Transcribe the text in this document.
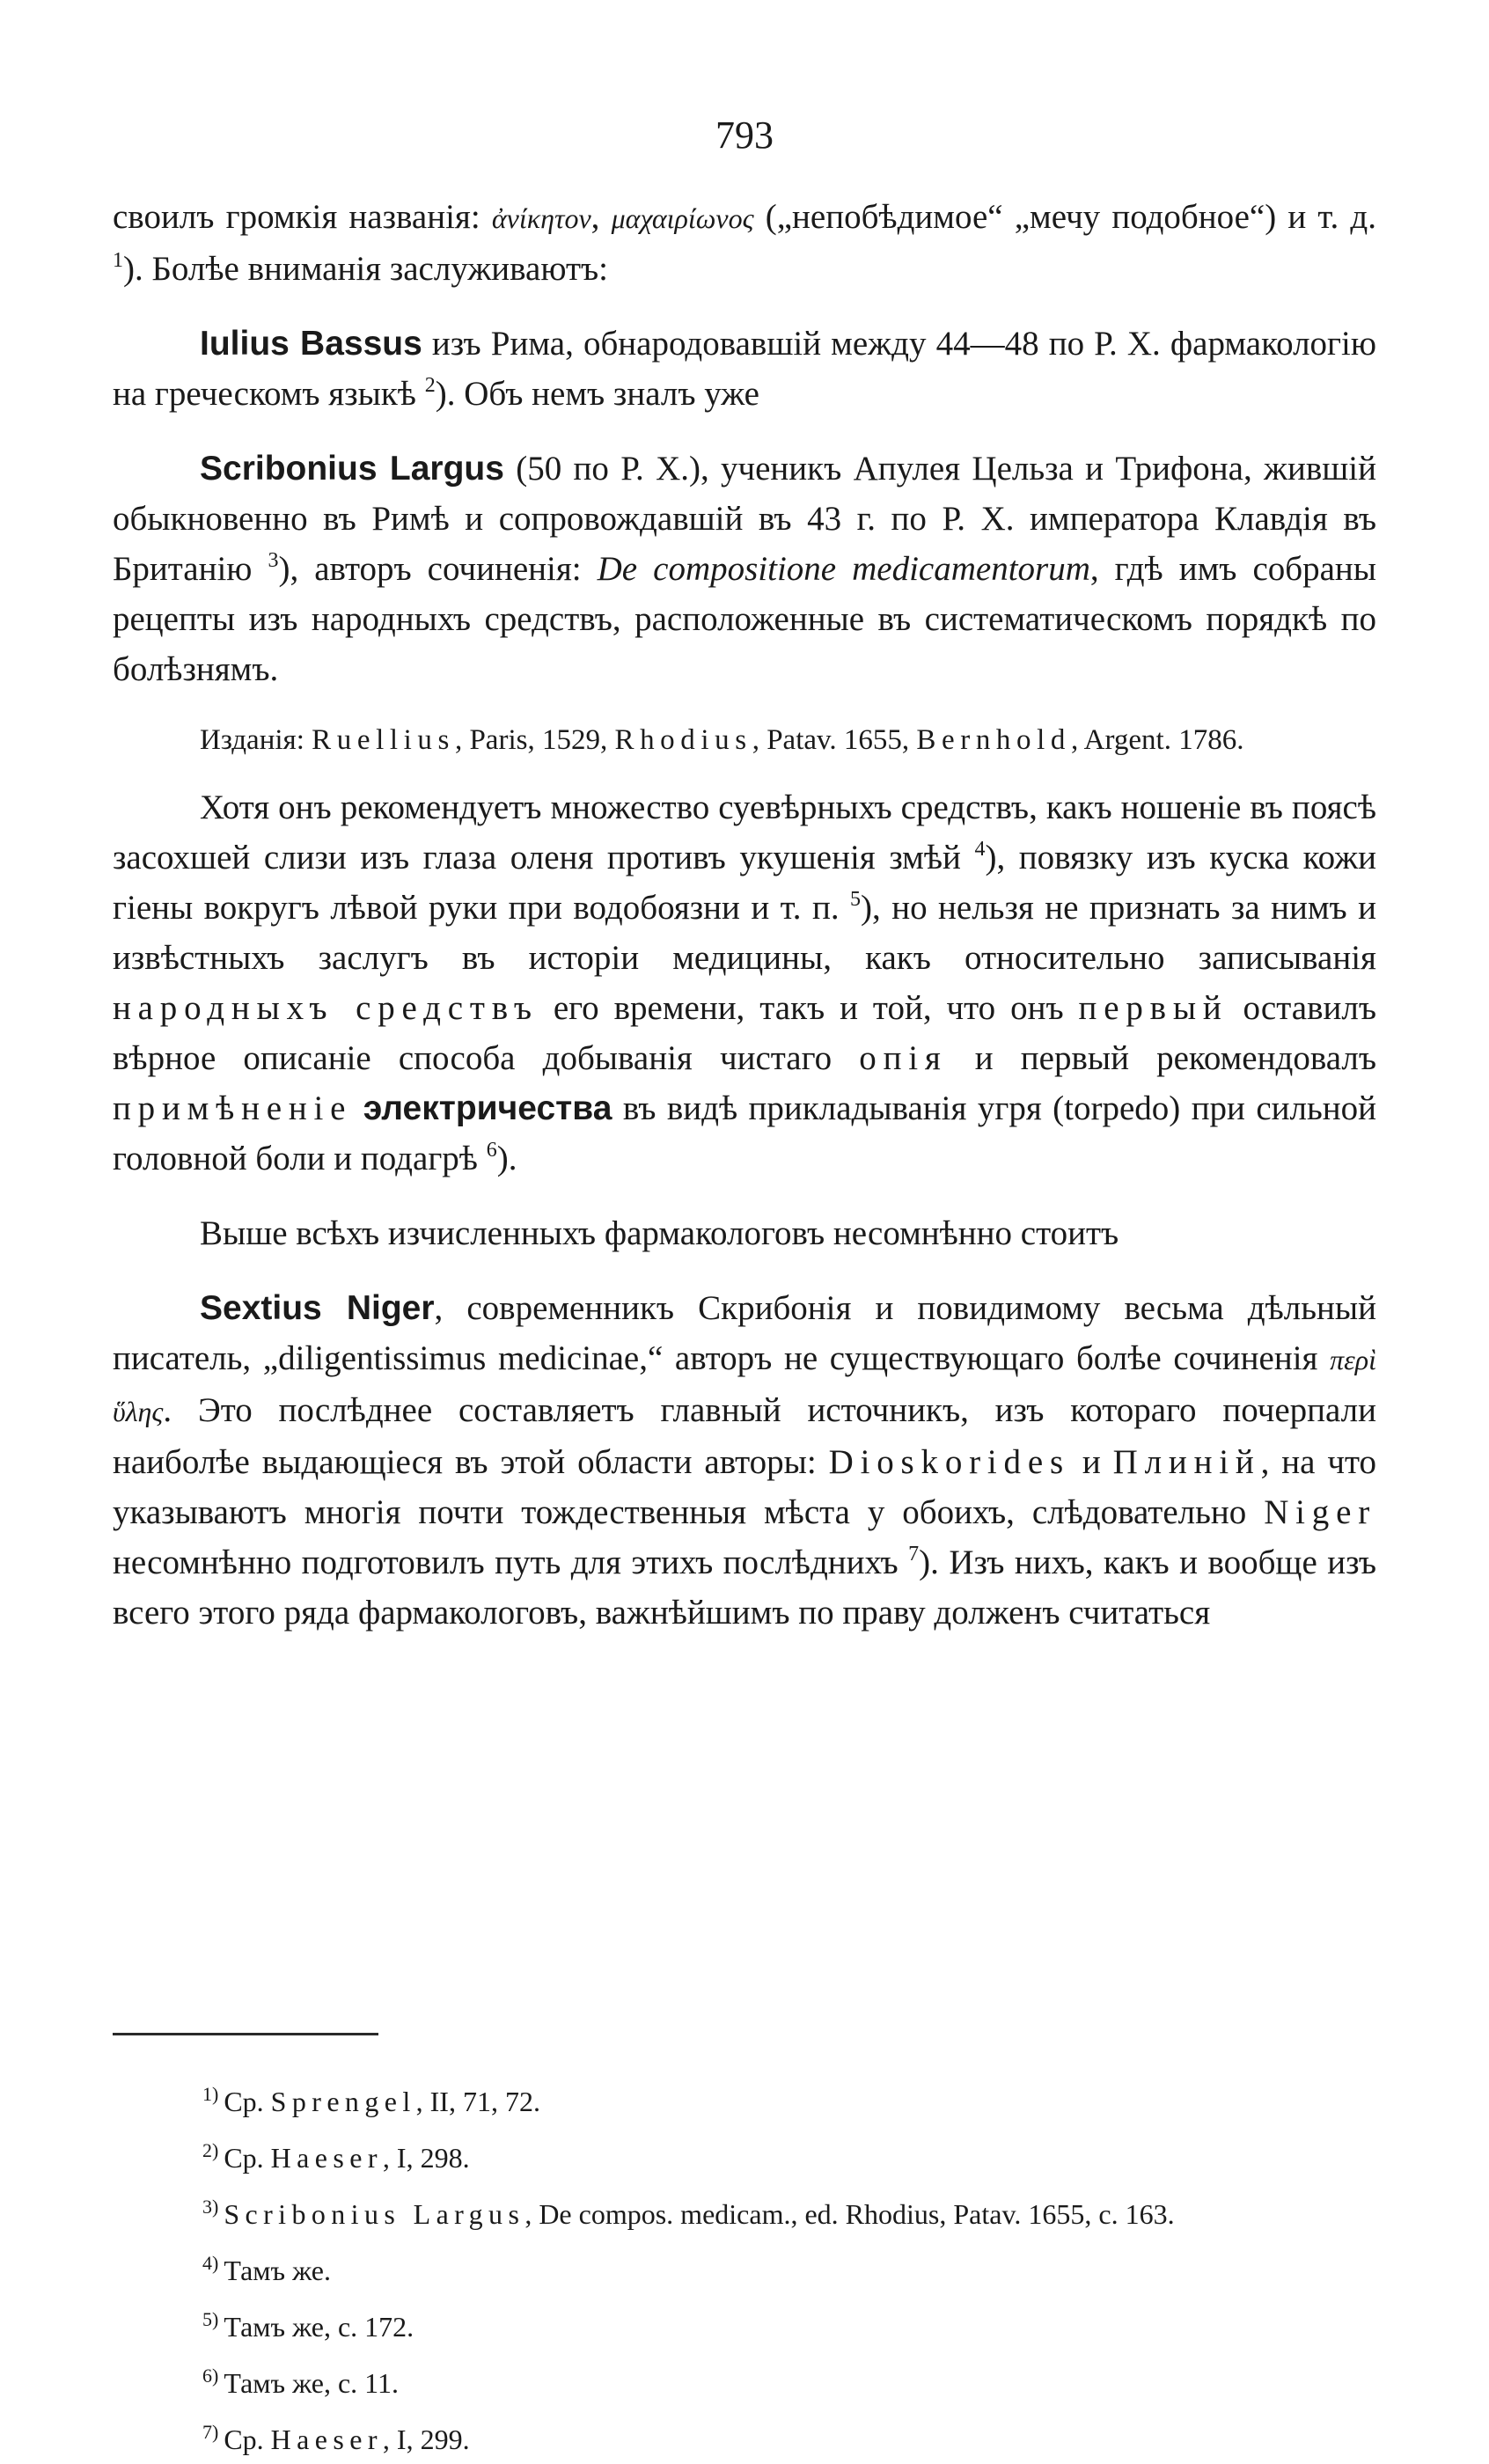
793

своилъ громкiя названiя: ἀνίκητον, μαχαιρίωνος („непобѣдимое“ „мечу подобное“) и т. д. $^1$). Болѣе вниманiя заслуживаютъ:

Iulius Bassus изъ Рима, обнародовавшiй между 44—48 по Р. Х. фармакологiю на греческомъ языкѣ $^2$). Объ немъ зналъ уже

Scribonius Largus (50 по Р. Х.), ученикъ Апулея Цельза и Трифона, жившiй обыкновенно въ Римѣ и сопровождавшiй въ 43 г. по Р. Х. императора Клавдiя въ Британiю $^3$), авторъ сочиненiя: De compositione medicamentorum, гдѣ имъ собраны рецепты изъ народныхъ средствъ, расположенные въ систематическомъ порядкѣ по болѣзнямъ.

Изданiя: Ruellius, Paris, 1529, Rhodius, Patav. 1655, Bernhold, Argent. 1786.

Хотя онъ рекомендуетъ множество суевѣрныхъ средствъ, какъ ношенiе въ поясѣ засохшей слизи изъ глаза оленя противъ укушенiя змѣй $^4$), повязку изъ куска кожи гiены вокругъ лѣвой руки при водобоязни и т. п. $^5$), но нельзя не признать за нимъ и извѣстныхъ заслугъ въ исторiи медицины, какъ относительно записыванiя народныхъ средствъ его времени, такъ и той, что онъ первый оставилъ вѣрное описанiе способа добыванiя чистаго опiя и первый рекомендовалъ примѣненiе электричества въ видѣ прикладыванiя угря (torpedo) при сильной головной боли и подагрѣ $^6$).

Выше всѣхъ изчисленныхъ фармакологовъ несомнѣнно стоитъ

Sextius Niger, современникъ Скрибонiя и повидимому весьма дѣльный писатель, „diligentissimus medicinae,“ авторъ не существующаго болѣе сочиненiя περὶ ὕλης. Это послѣднее составляетъ главный источникъ, изъ котораго почерпали наиболѣе выдающiеся въ этой области авторы: Dioskorides и Плинiй, на что указываютъ многiя почти тождественныя мѣста у обоихъ, слѣдовательно Niger несомнѣнно подготовилъ путь для этихъ послѣднихъ $^7$). Изъ нихъ, какъ и вообще изъ всего этого ряда фармакологовъ, важнѣйшимъ по праву долженъ считаться

$^{1)}$ Ср. Sprengel, II, 71, 72.
$^{2)}$ Ср. Haeser, I, 298.
$^{3)}$ Scribonius Largus, De compos. medicam., ed. Rhodius, Patav. 1655, c. 163.
$^{4)}$ Тамъ же.
$^{5)}$ Тамъ же, с. 172.
$^{6)}$ Тамъ же, с. 11.
$^{7)}$ Ср. Haeser, I, 299.
